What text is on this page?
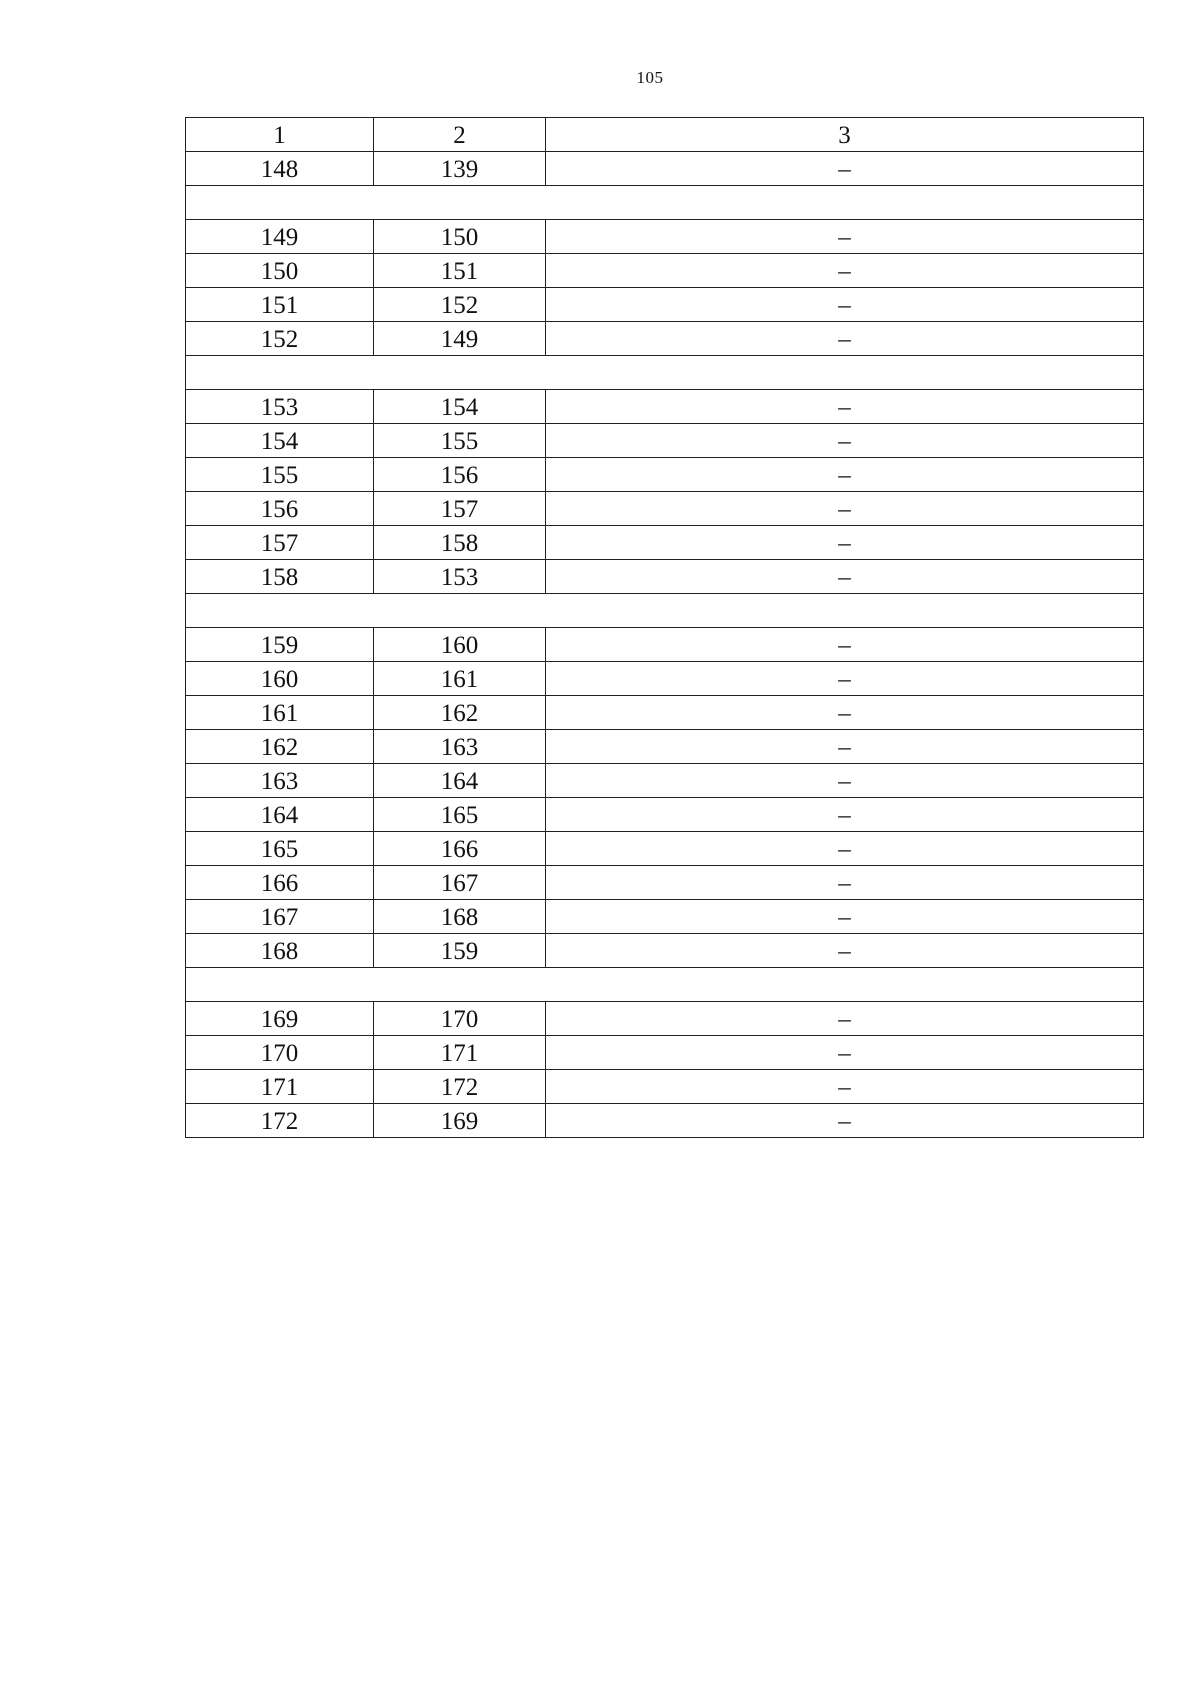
105
1	2	3
148	139	–

149	150	–
150	151	–
151	152	–
152	149	–

153	154	–
154	155	–
155	156	–
156	157	–
157	158	–
158	153	–

159	160	–
160	161	–
161	162	–
162	163	–
163	164	–
164	165	–
165	166	–
166	167	–
167	168	–
168	159	–

169	170	–
170	171	–
171	172	–
172	169	–
